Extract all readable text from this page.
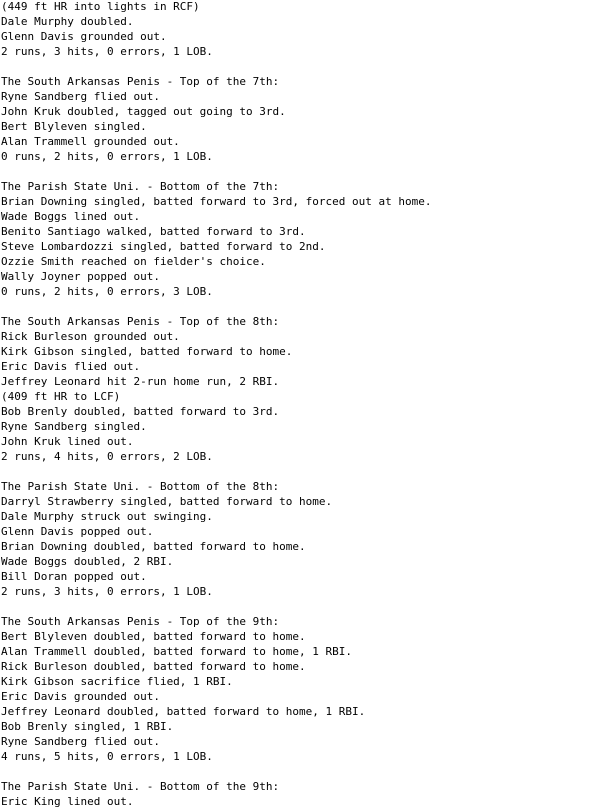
(449 ft HR into lights in RCF)
Dale Murphy doubled.
Glenn Davis grounded out.
2 runs, 3 hits, 0 errors, 1 LOB.
The South Arkansas Penis - Top of the 7th:
Ryne Sandberg flied out.
John Kruk doubled, tagged out going to 3rd.
Bert Blyleven singled.
Alan Trammell grounded out.
0 runs, 2 hits, 0 errors, 1 LOB.
The Parish State Uni. - Bottom of the 7th:
Brian Downing singled, batted forward to 3rd, forced out at home.
Wade Boggs lined out.
Benito Santiago walked, batted forward to 3rd.
Steve Lombardozzi singled, batted forward to 2nd.
Ozzie Smith reached on fielder's choice.
Wally Joyner popped out.
0 runs, 2 hits, 0 errors, 3 LOB.
The South Arkansas Penis - Top of the 8th:
Rick Burleson grounded out.
Kirk Gibson singled, batted forward to home.
Eric Davis flied out.
Jeffrey Leonard hit 2-run home run, 2 RBI.
(409 ft HR to LCF)
Bob Brenly doubled, batted forward to 3rd.
Ryne Sandberg singled.
John Kruk lined out.
2 runs, 4 hits, 0 errors, 2 LOB.
The Parish State Uni. - Bottom of the 8th:
Darryl Strawberry singled, batted forward to home.
Dale Murphy struck out swinging.
Glenn Davis popped out.
Brian Downing doubled, batted forward to home.
Wade Boggs doubled, 2 RBI.
Bill Doran popped out.
2 runs, 3 hits, 0 errors, 1 LOB.
The South Arkansas Penis - Top of the 9th:
Bert Blyleven doubled, batted forward to home.
Alan Trammell doubled, batted forward to home, 1 RBI.
Rick Burleson doubled, batted forward to home.
Kirk Gibson sacrifice flied, 1 RBI.
Eric Davis grounded out.
Jeffrey Leonard doubled, batted forward to home, 1 RBI.
Bob Brenly singled, 1 RBI.
Ryne Sandberg flied out.
4 runs, 5 hits, 0 errors, 1 LOB.
The Parish State Uni. - Bottom of the 9th:
Eric King lined out.
